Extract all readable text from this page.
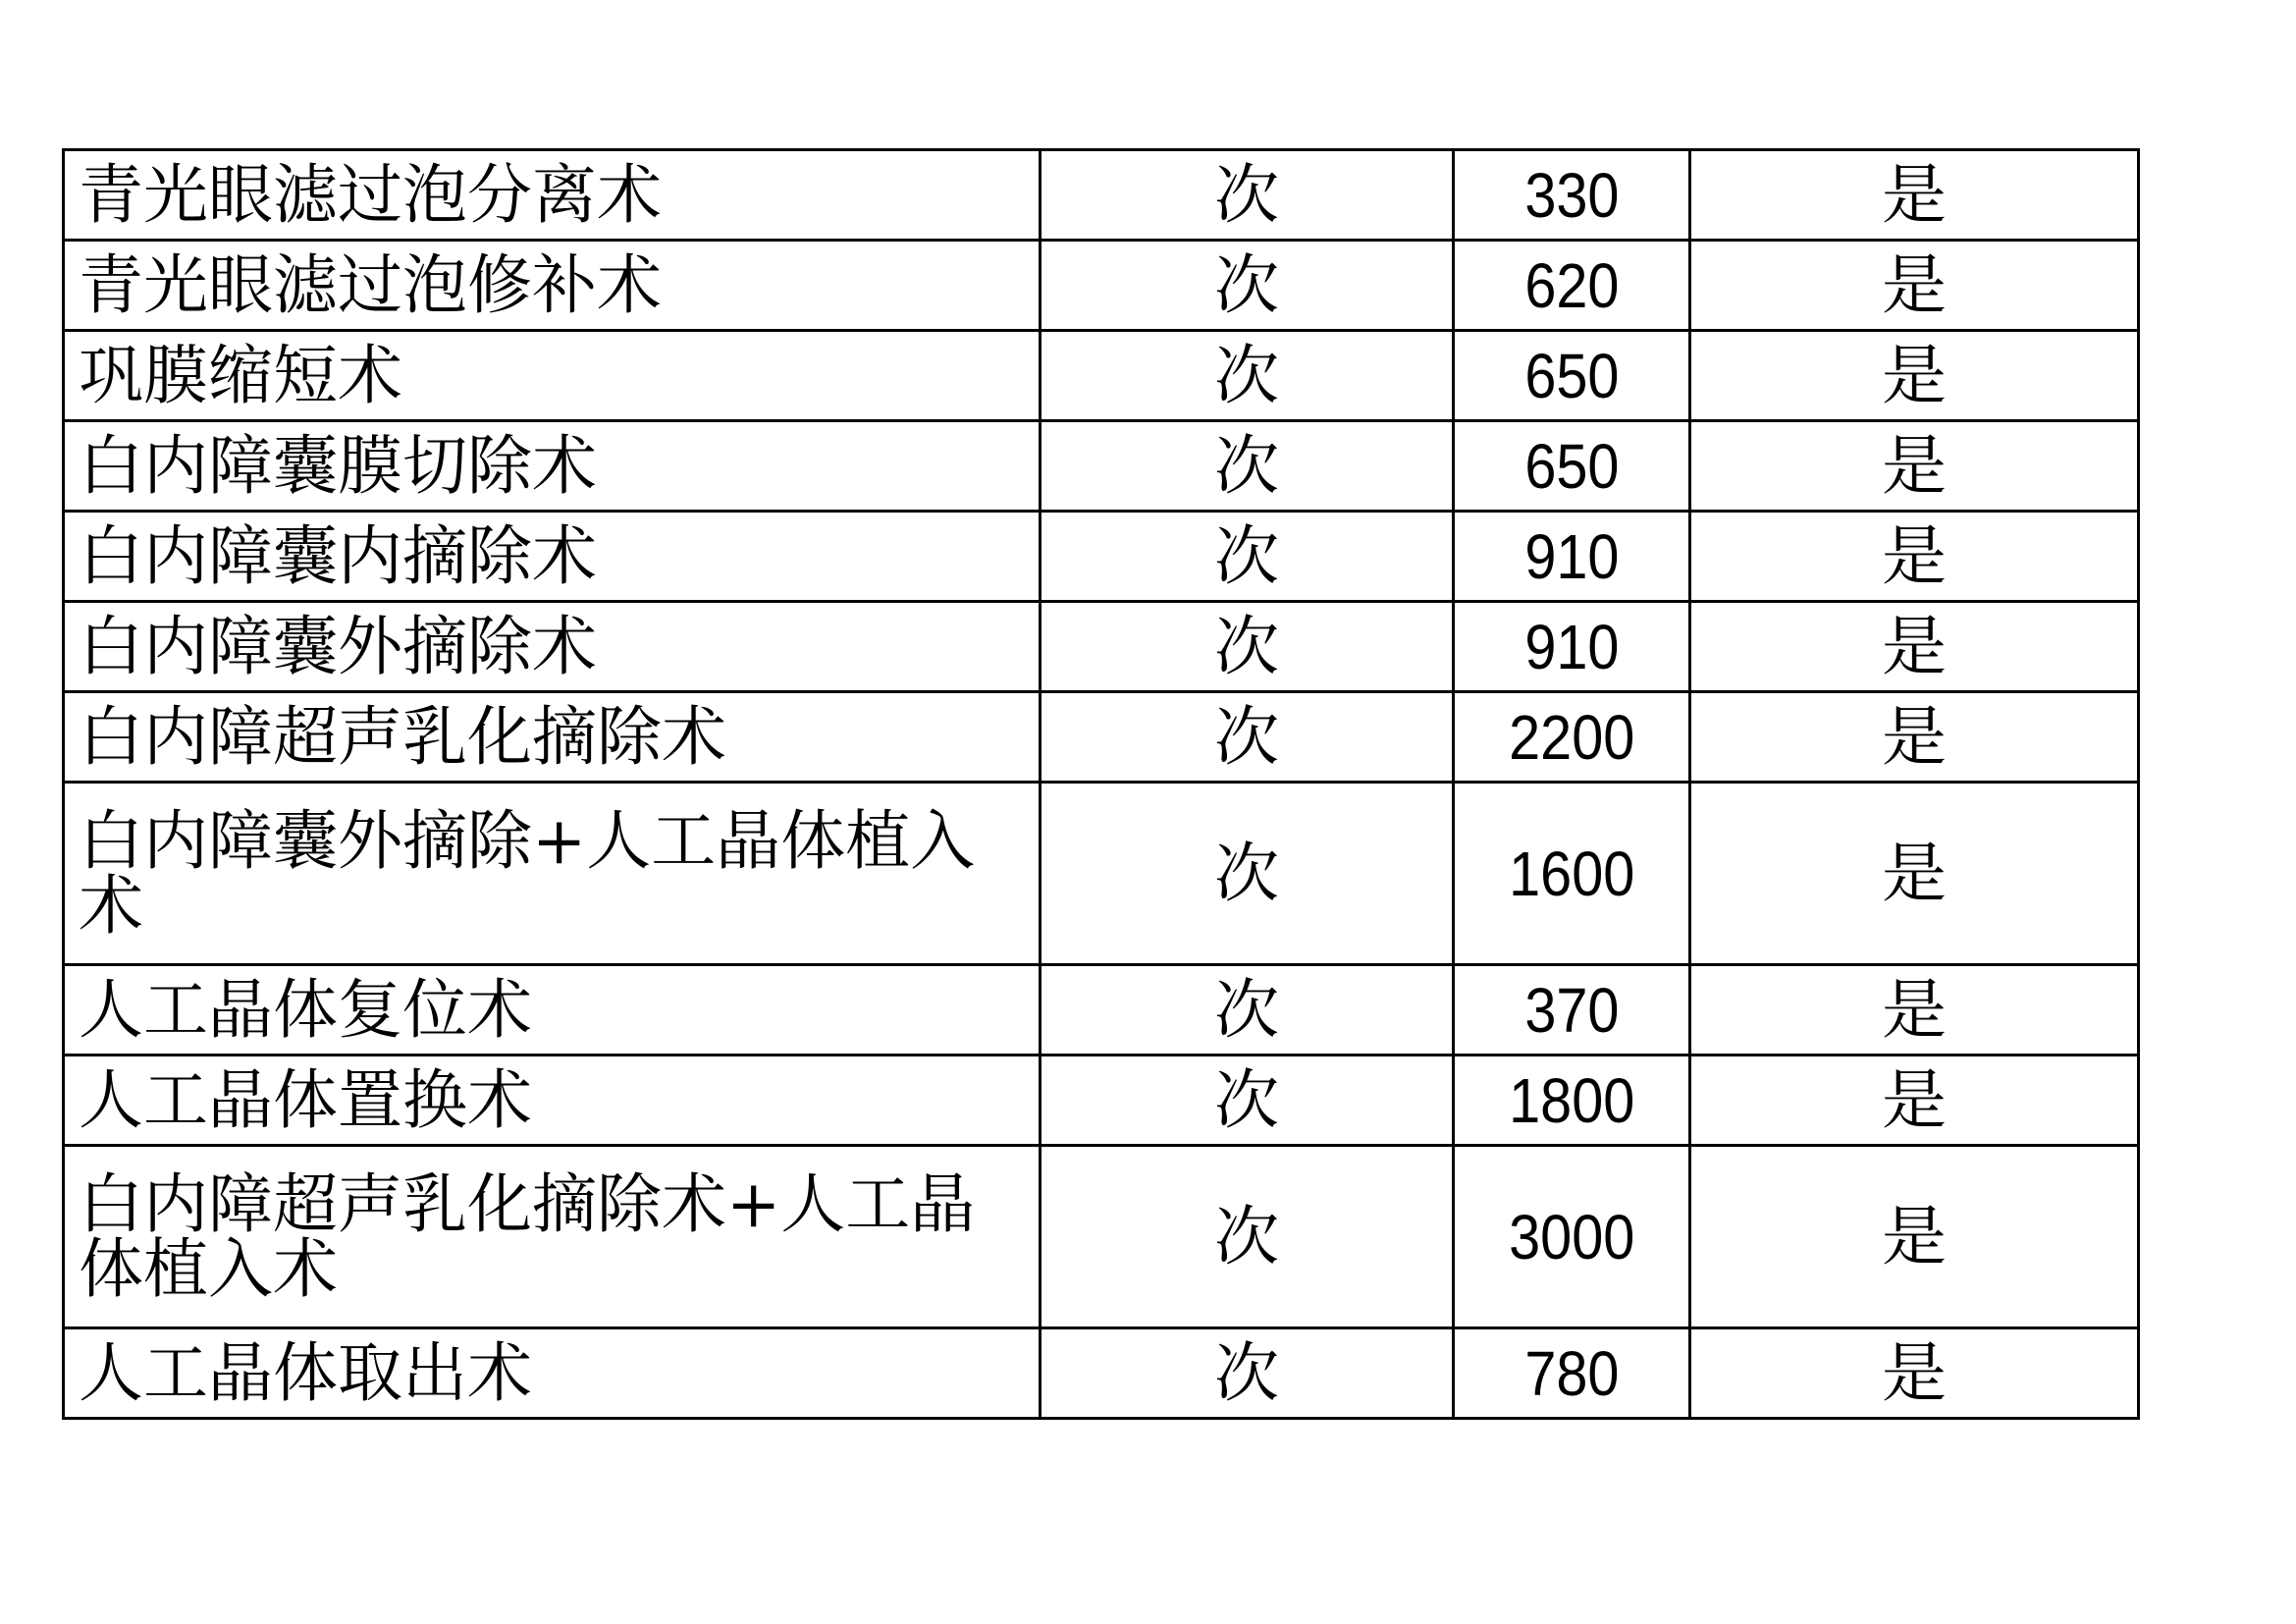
青光眼滤过泡分离术	次	330	是
青光眼滤过泡修补术	次	620	是
巩膜缩短术	次	650	是
白内障囊膜切除术	次	650	是
白内障囊内摘除术	次	910	是
白内障囊外摘除术	次	910	是
白内障超声乳化摘除术	次	2200	是
白内障囊外摘除+人工晶体植入术	次	1600	是
人工晶体复位术	次	370	是
人工晶体置换术	次	1800	是
白内障超声乳化摘除术+人工晶体植入术	次	3000	是
人工晶体取出术	次	780	是
